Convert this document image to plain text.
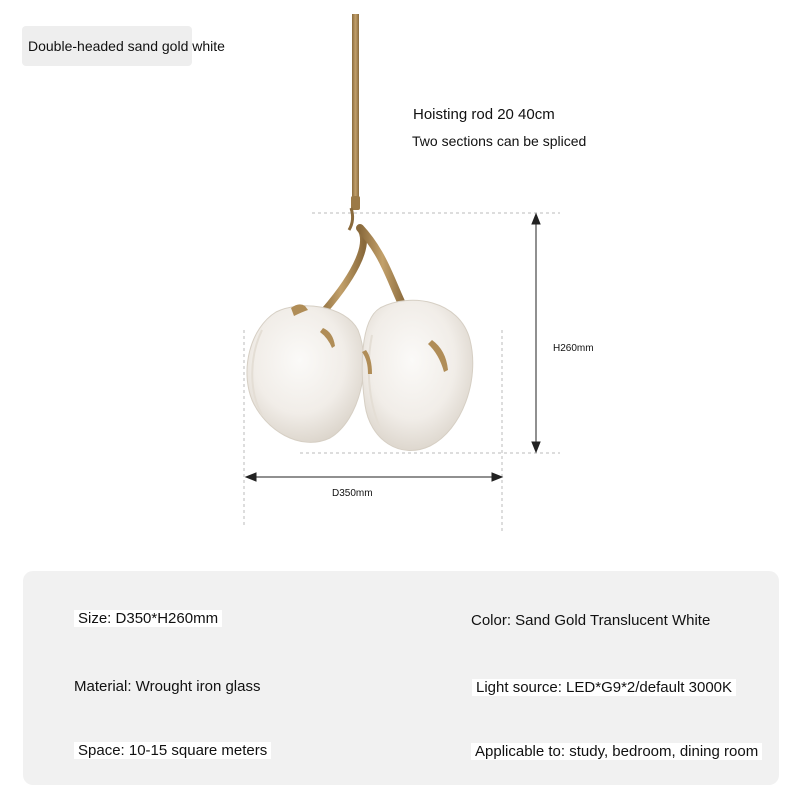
Double-headed sand gold white
Hoisting rod 20 40cm
Two sections can be spliced
H260mm
D350mm
Size: D350*H260mm	Color: Sand Gold Translucent White
Material: Wrought iron glass	Light source: LED*G9*2/default 3000K
Space: 10-15 square meters	Applicable to: study, bedroom, dining room
